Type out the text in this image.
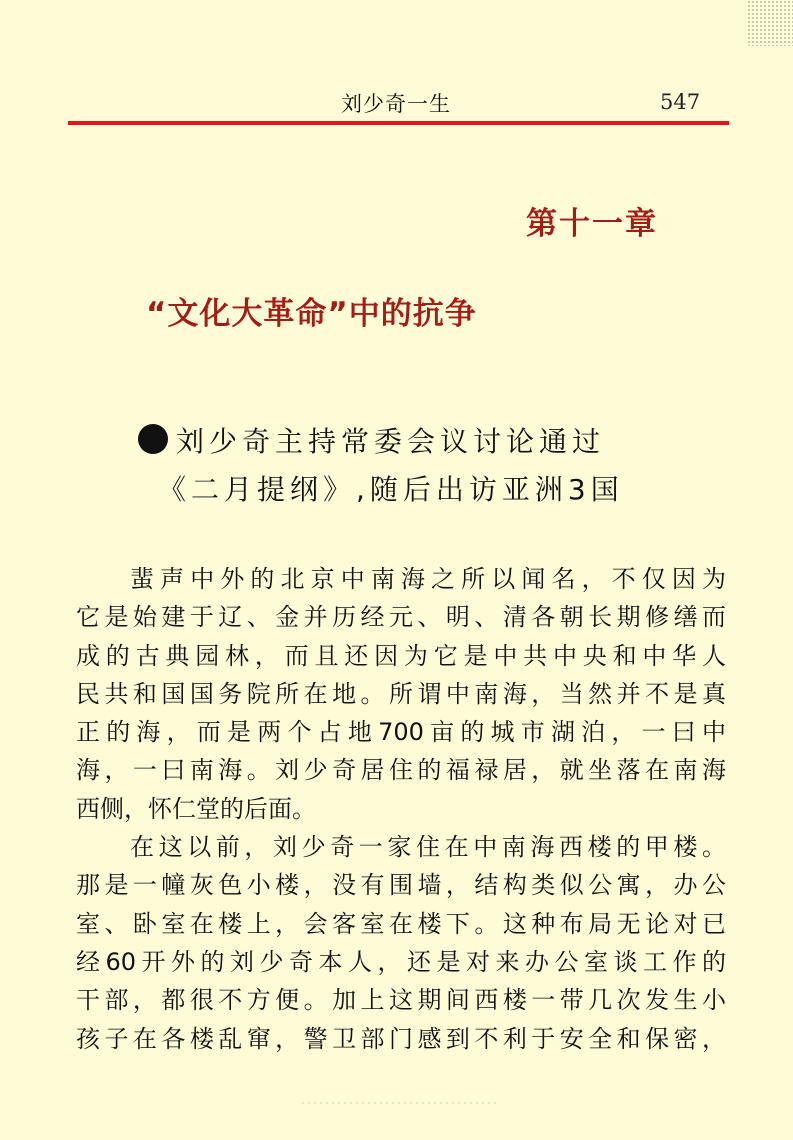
刘少奇一生	547
第十一章
“文化大革命”中的抗争
刘少奇主持常委会议讨论通过
《二月提纲》,随后出访亚洲3国

蜚声中外的北京中南海之所以闻名，不仅因为
它是始建于辽、金并历经元、明、清各朝长期修缮而
成的古典园林，而且还因为它是中共中央和中华人
民共和国国务院所在地。所谓中南海，当然并不是真
正的海，而是两个占地700亩的城市湖泊，一曰中
海，一曰南海。刘少奇居住的福禄居，就坐落在南海
西侧，怀仁堂的后面。

在这以前，刘少奇一家住在中南海西楼的甲楼。
那是一幢灰色小楼，没有围墙，结构类似公寓，办公
室、卧室在楼上，会客室在楼下。这种布局无论对已
经60开外的刘少奇本人，还是对来办公室谈工作的
干部，都很不方便。加上这期间西楼一带几次发生小
孩子在各楼乱窜，警卫部门感到不利于安全和保密，
